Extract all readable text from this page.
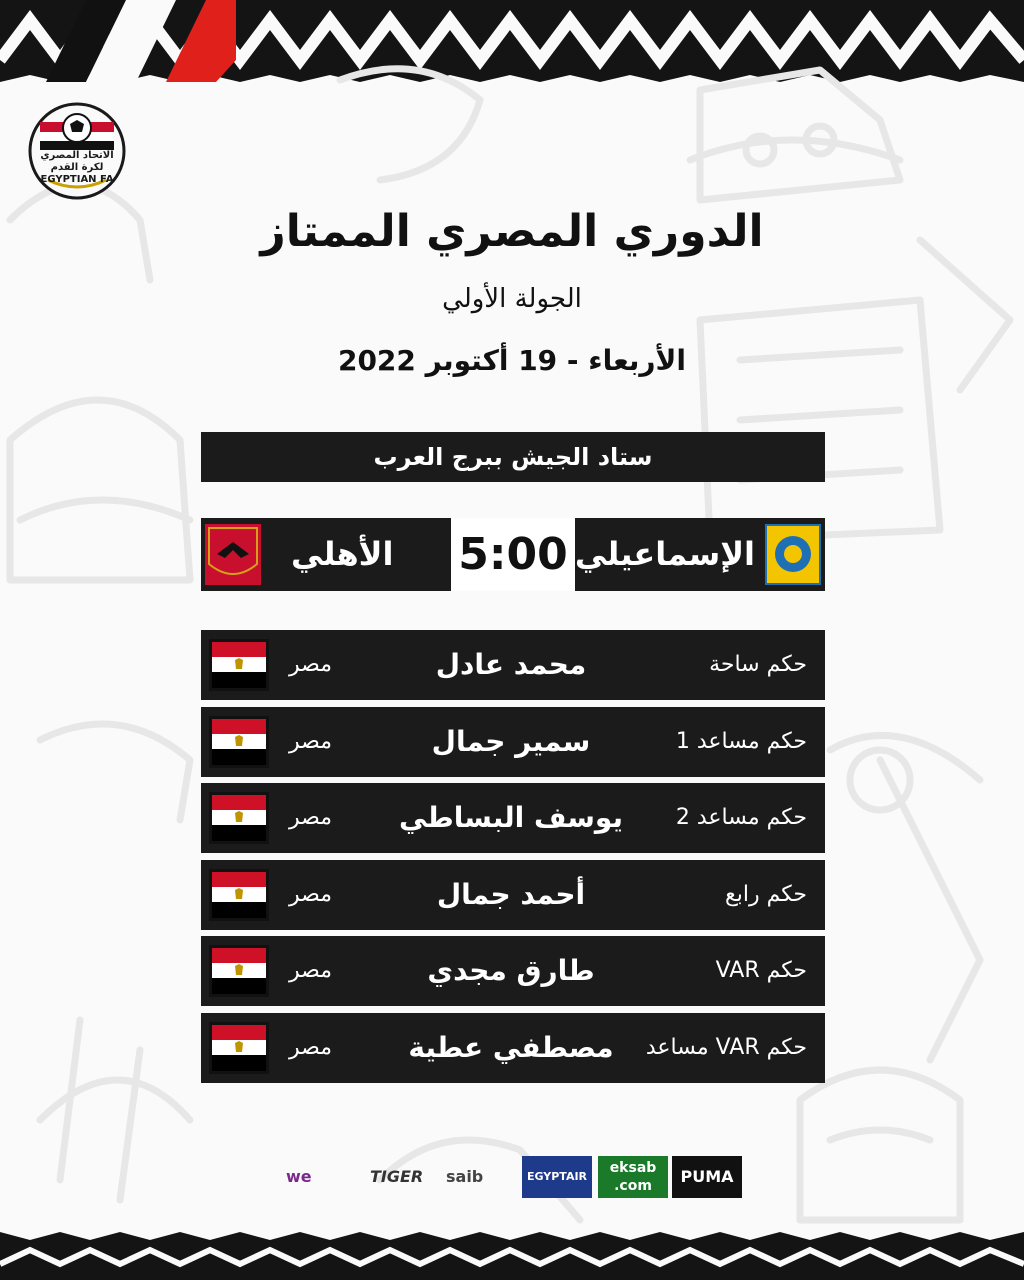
الاتحاد المصري لكرة القدم
EGYPTIAN FA
الدوري المصري الممتاز
الجولة الأولي
الأربعاء - 19 أكتوبر 2022
ستاد الجيش ببرج العرب
الأهلي 5:00 الإسماعيلي
مصر	محمد عادل	حكم ساحة
مصر	سمير جمال	حكم مساعد 1
مصر	يوسف البساطي	حكم مساعد 2
مصر	أحمد جمال	حكم رابع
مصر	طارق مجدي	حكم VAR
مصر	مصطفي عطية	حكم VAR مساعد
we	TIGER	saib	EGYPTAIR
eksab .com	PUMA
